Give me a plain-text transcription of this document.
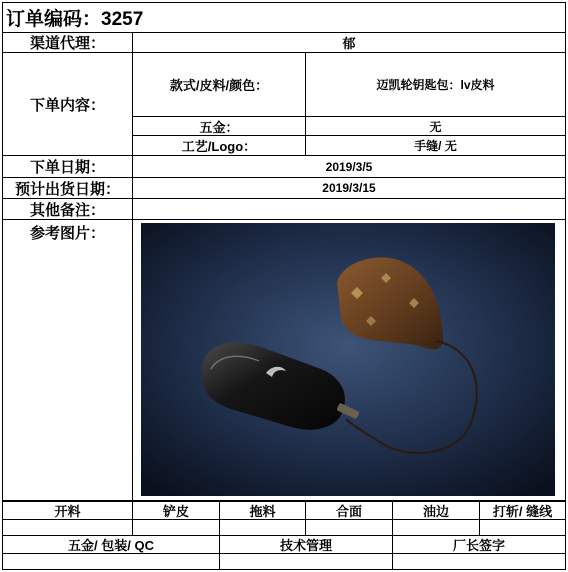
订单编码：3257
渠道代理：	郁
下单内容：
款式/皮料/颜色：	迈凯轮钥匙包：lv皮料
五金：	无
工艺/Logo：	手缝/ 无
下单日期：	2019/3/5
预计出货日期：	2019/3/15
其他备注：
参考图片：
开料	铲皮	拖料	合面	油边	打斩/ 缝线
五金/ 包装/ QC	技术管理	厂长签字
